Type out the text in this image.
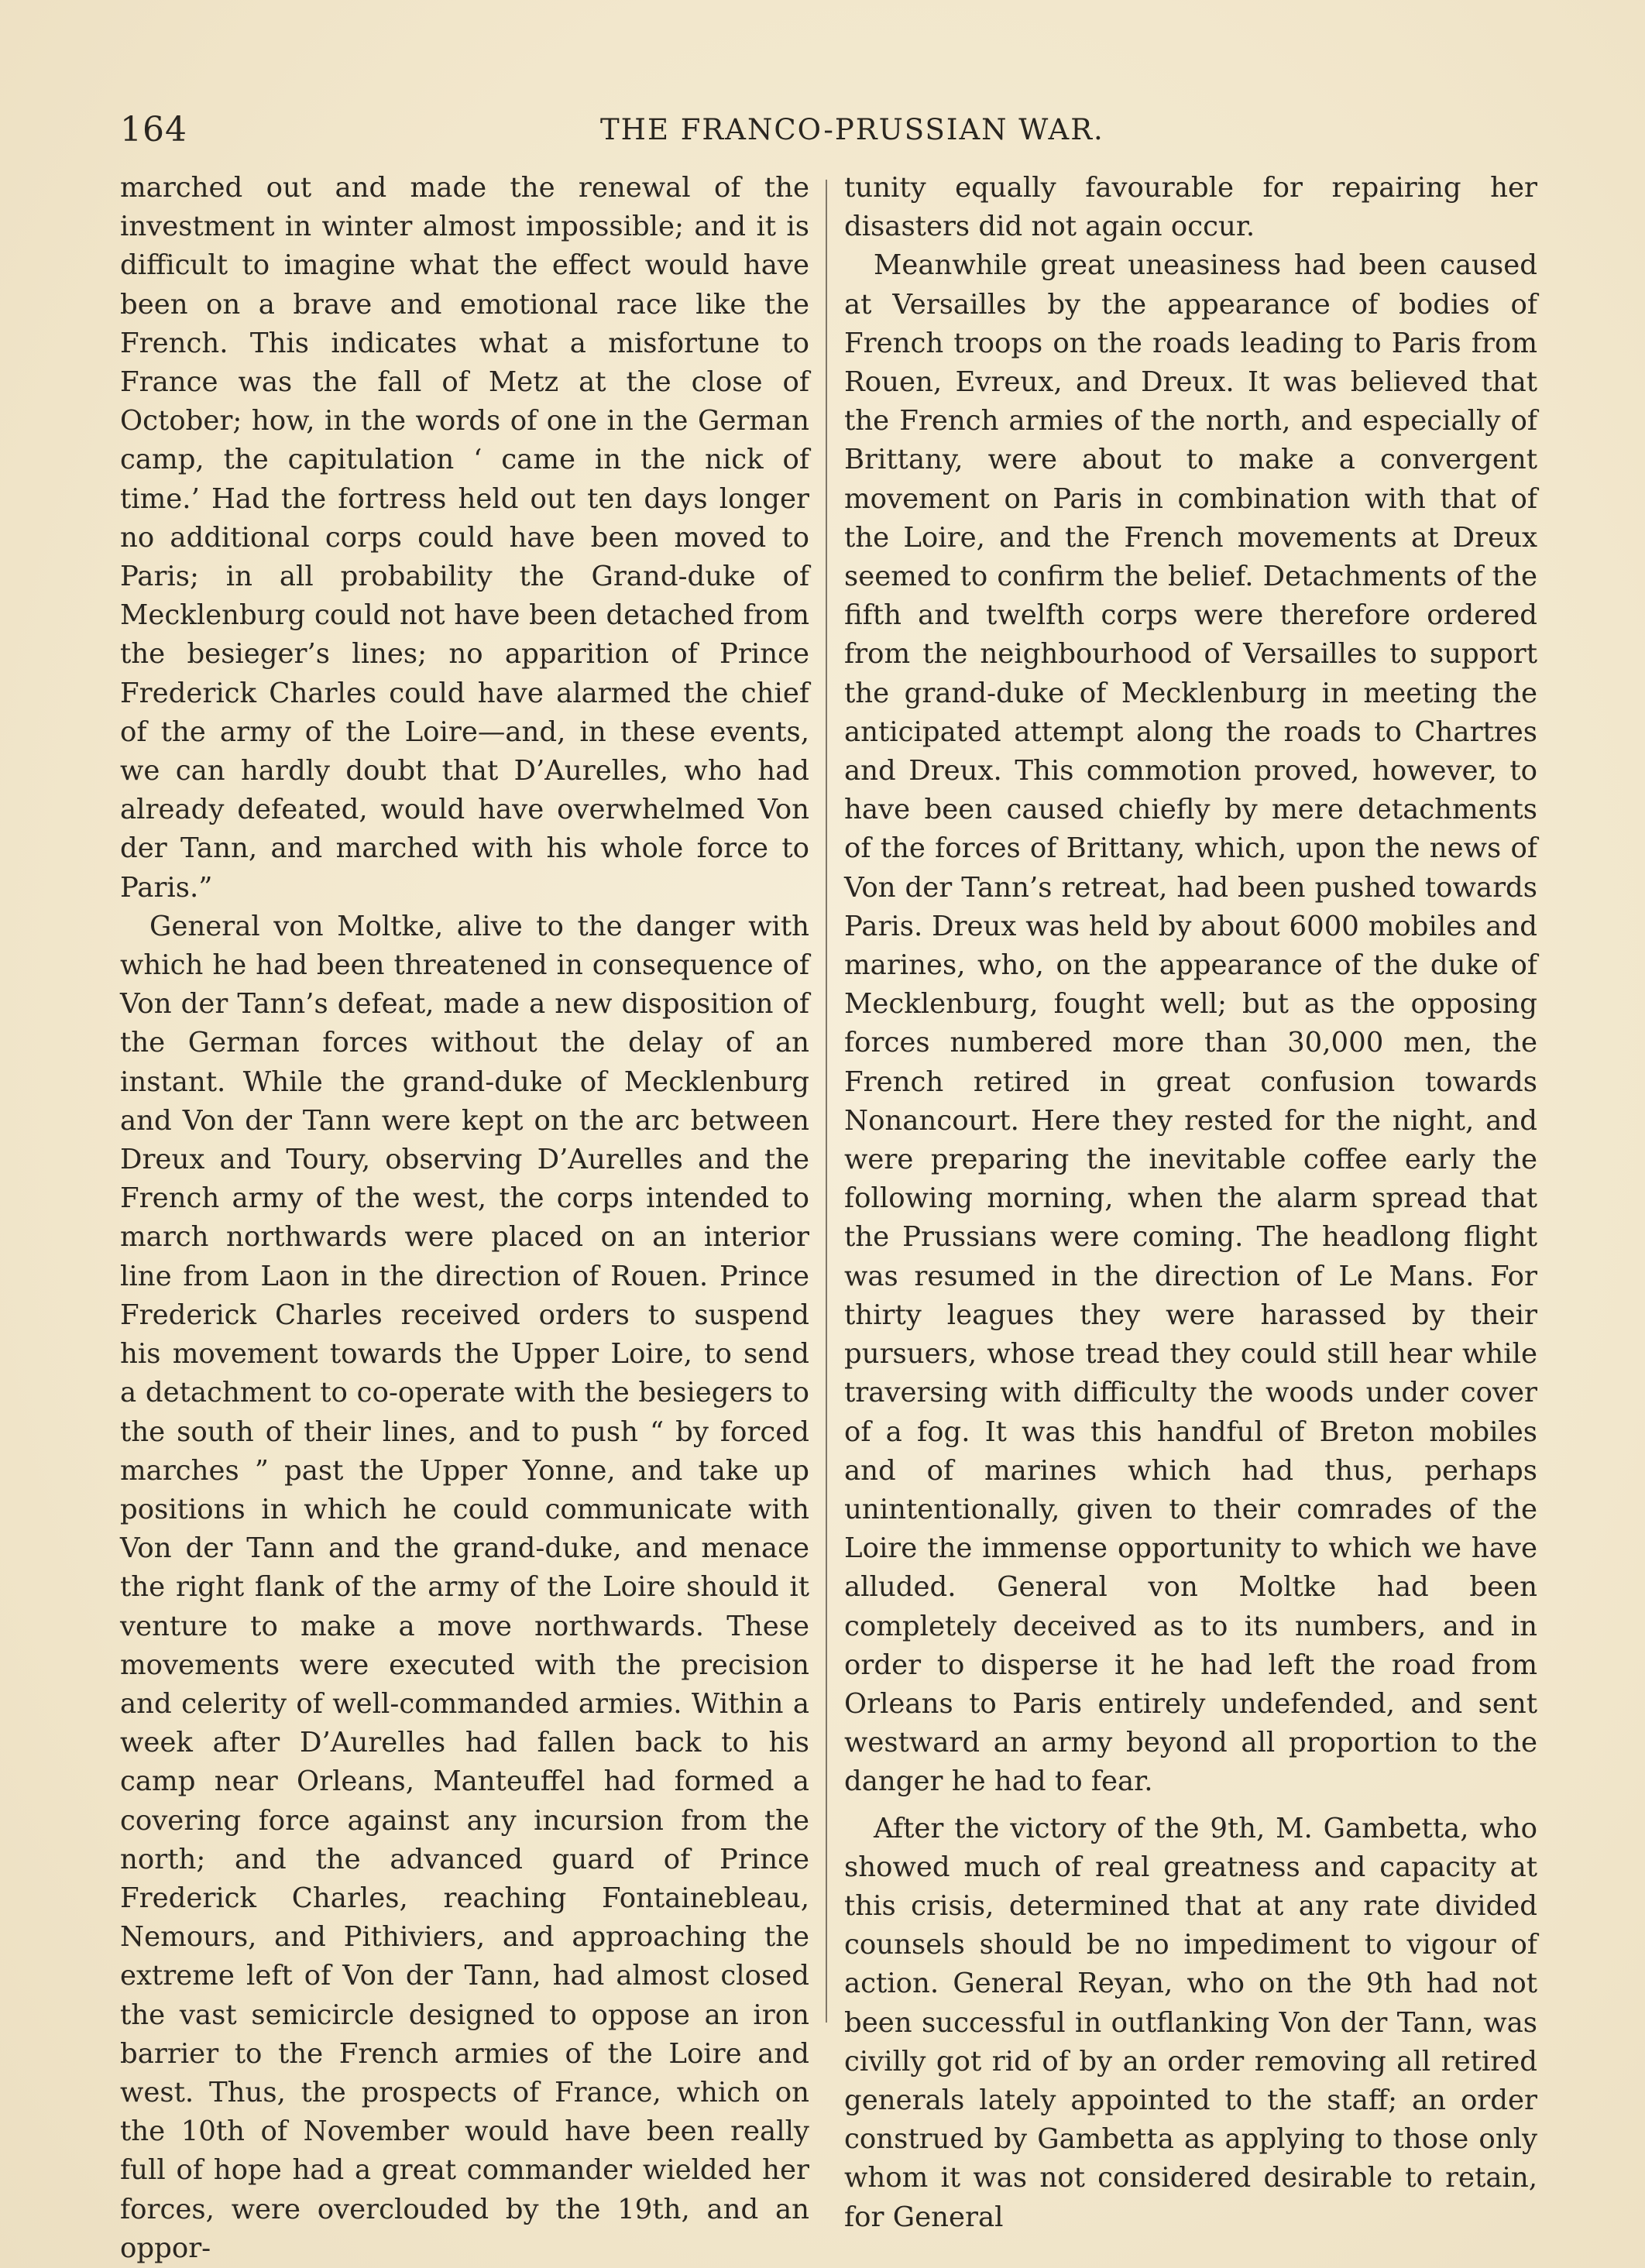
164	THE FRANCO-PRUSSIAN WAR.

marched out and made the renewal of the investment in winter almost impossible; and it is difficult to imagine what the effect would have been on a brave and emotional race like the French. This indicates what a misfortune to France was the fall of Metz at the close of October; how, in the words of one in the German camp, the capitulation ‘ came in the nick of time.’ Had the fortress held out ten days longer no additional corps could have been moved to Paris; in all probability the Grand-duke of Mecklenburg could not have been detached from the besieger’s lines; no apparition of Prince Frederick Charles could have alarmed the chief of the army of the Loire—and, in these events, we can hardly doubt that D’Aurelles, who had already defeated, would have overwhelmed Von der Tann, and marched with his whole force to Paris.”

General von Moltke, alive to the danger with which he had been threatened in consequence of Von der Tann’s defeat, made a new disposition of the German forces without the delay of an instant. While the grand-duke of Mecklenburg and Von der Tann were kept on the arc between Dreux and Toury, observing D’Aurelles and the French army of the west, the corps intended to march northwards were placed on an interior line from Laon in the direction of Rouen. Prince Frederick Charles received orders to suspend his movement towards the Upper Loire, to send a detachment to co-operate with the besiegers to the south of their lines, and to push “ by forced marches ” past the Upper Yonne, and take up positions in which he could communicate with Von der Tann and the grand-duke, and menace the right flank of the army of the Loire should it venture to make a move northwards. These movements were executed with the precision and celerity of well-commanded armies. Within a week after D’Aurelles had fallen back to his camp near Orleans, Manteuffel had formed a covering force against any incursion from the north; and the advanced guard of Prince Frederick Charles, reaching Fontainebleau, Nemours, and Pithiviers, and approaching the extreme left of Von der Tann, had almost closed the vast semicircle designed to oppose an iron barrier to the French armies of the Loire and west. Thus, the prospects of France, which on the 10th of November would have been really full of hope had a great commander wielded her forces, were overclouded by the 19th, and an oppor-

tunity equally favourable for repairing her disasters did not again occur.

Meanwhile great uneasiness had been caused at Versailles by the appearance of bodies of French troops on the roads leading to Paris from Rouen, Evreux, and Dreux. It was believed that the French armies of the north, and especially of Brittany, were about to make a convergent movement on Paris in combination with that of the Loire, and the French movements at Dreux seemed to confirm the belief. Detachments of the fifth and twelfth corps were therefore ordered from the neighbourhood of Versailles to support the grand-duke of Mecklenburg in meeting the anticipated attempt along the roads to Chartres and Dreux. This commotion proved, however, to have been caused chiefly by mere detachments of the forces of Brittany, which, upon the news of Von der Tann’s retreat, had been pushed towards Paris. Dreux was held by about 6000 mobiles and marines, who, on the appearance of the duke of Mecklenburg, fought well; but as the opposing forces numbered more than 30,000 men, the French retired in great confusion towards Nonancourt. Here they rested for the night, and were preparing the inevitable coffee early the following morning, when the alarm spread that the Prussians were coming. The headlong flight was resumed in the direction of Le Mans. For thirty leagues they were harassed by their pursuers, whose tread they could still hear while traversing with difficulty the woods under cover of a fog. It was this handful of Breton mobiles and of marines which had thus, perhaps unintentionally, given to their comrades of the Loire the immense opportunity to which we have alluded. General von Moltke had been completely deceived as to its numbers, and in order to disperse it he had left the road from Orleans to Paris entirely undefended, and sent westward an army beyond all proportion to the danger he had to fear.

After the victory of the 9th, M. Gambetta, who showed much of real greatness and capacity at this crisis, determined that at any rate divided counsels should be no impediment to vigour of action. General Reyan, who on the 9th had not been successful in outflanking Von der Tann, was civilly got rid of by an order removing all retired generals lately appointed to the staff; an order construed by Gambetta as applying to those only whom it was not considered desirable to retain, for General
